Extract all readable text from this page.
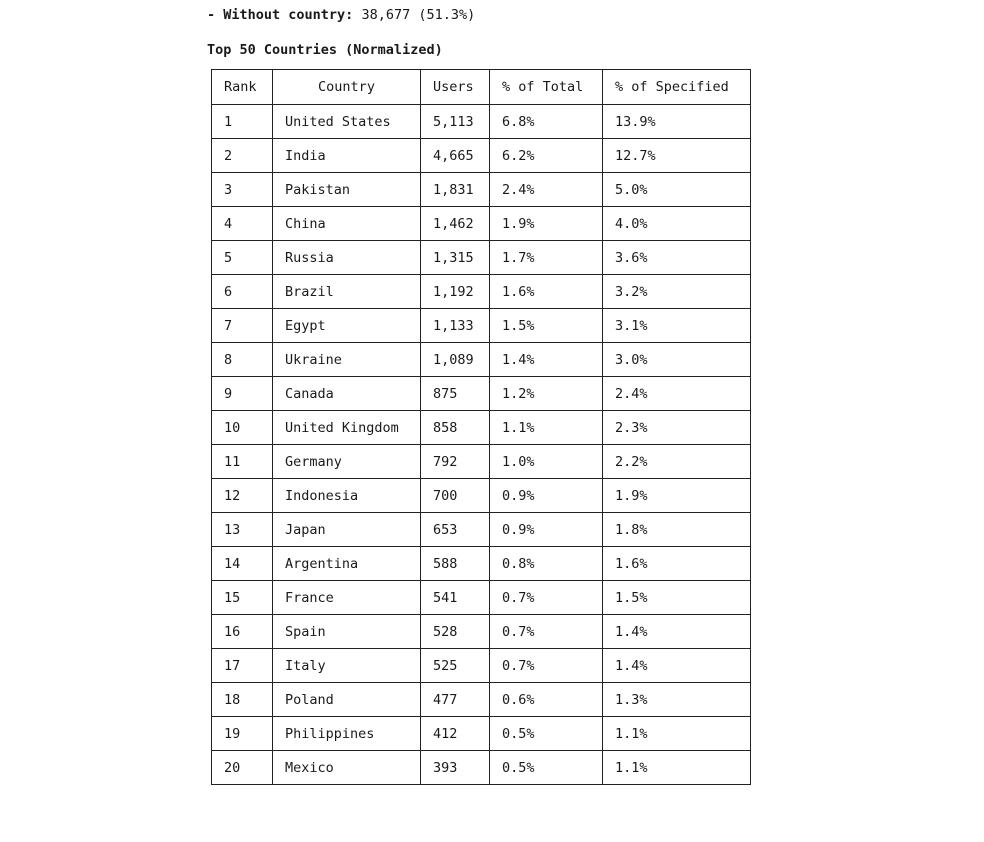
- Without country: 38,677 (51.3%)
Top 50 Countries (Normalized)
Rank	Country	Users	% of Total	% of Specified
1	United States	5,113	6.8%	13.9%
2	India	4,665	6.2%	12.7%
3	Pakistan	1,831	2.4%	5.0%
4	China	1,462	1.9%	4.0%
5	Russia	1,315	1.7%	3.6%
6	Brazil	1,192	1.6%	3.2%
7	Egypt	1,133	1.5%	3.1%
8	Ukraine	1,089	1.4%	3.0%
9	Canada	875	1.2%	2.4%
10	United Kingdom	858	1.1%	2.3%
11	Germany	792	1.0%	2.2%
12	Indonesia	700	0.9%	1.9%
13	Japan	653	0.9%	1.8%
14	Argentina	588	0.8%	1.6%
15	France	541	0.7%	1.5%
16	Spain	528	0.7%	1.4%
17	Italy	525	0.7%	1.4%
18	Poland	477	0.6%	1.3%
19	Philippines	412	0.5%	1.1%
20	Mexico	393	0.5%	1.1%
